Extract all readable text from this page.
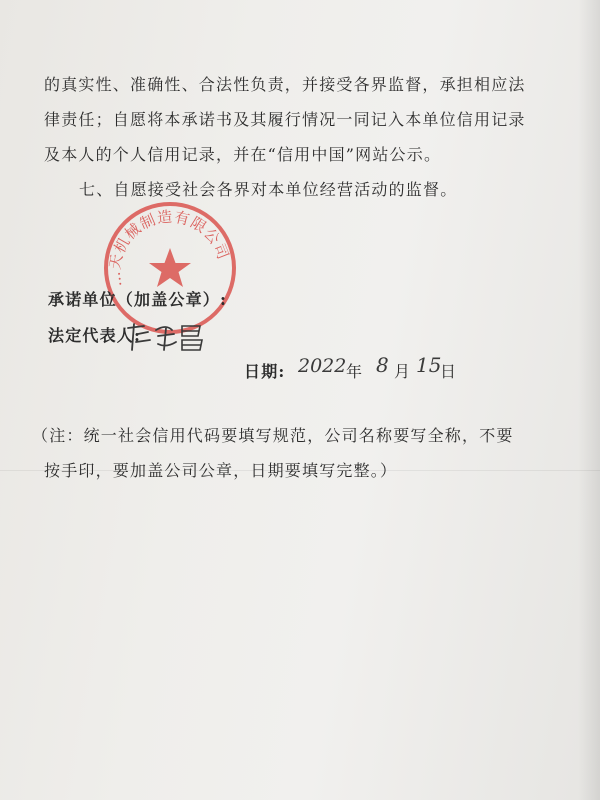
的真实性、准确性、合法性负责，并接受各界监督，承担相应法
律责任；自愿将本承诺书及其履行情况一同记入本单位信用记录
及本人的个人信用记录，并在“信用中国”网站公示。
七、自愿接受社会各界对本单位经营活动的监督。
…天机械制造有限公司
承诺单位（加盖公章）:
法定代表人:
日期: 2022 年 8 月 15
日
（注：统一社会信用代码要填写规范，公司名称要写全称，不要
按手印，要加盖公司公章，日期要填写完整。）
